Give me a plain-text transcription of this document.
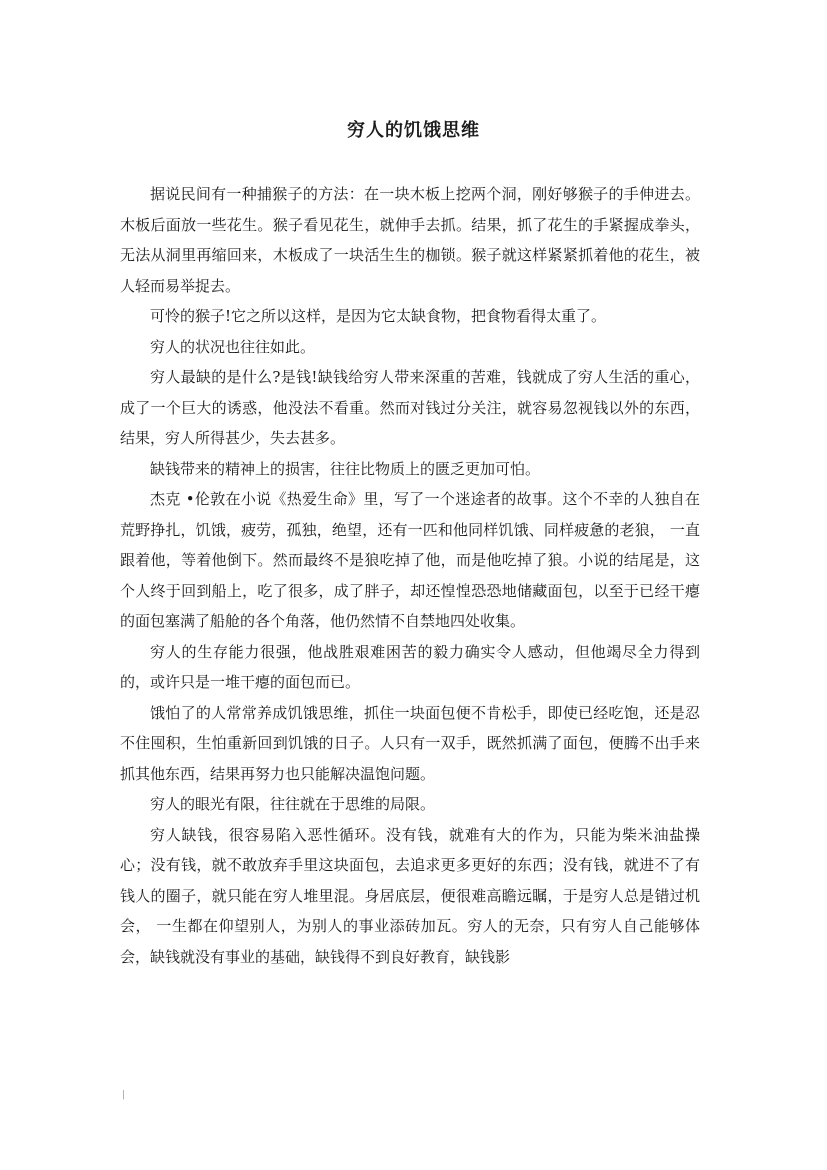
穷人的饥饿思维

据说民间有一种捕猴子的方法：在一块木板上挖两个洞，刚好够猴子的手伸进去。木板后面放一些花生。猴子看见花生，就伸手去抓。结果，抓了花生的手紧握成拳头，无法从洞里再缩回来，木板成了一块活生生的枷锁。猴子就这样紧紧抓着他的花生，被人轻而易举捉去。

可怜的猴子!它之所以这样，是因为它太缺食物，把食物看得太重了。

穷人的状况也往往如此。

穷人最缺的是什么?是钱!缺钱给穷人带来深重的苦难，钱就成了穷人生活的重心，成了一个巨大的诱惑，他没法不看重。然而对钱过分关注，就容易忽视钱以外的东西，结果，穷人所得甚少，失去甚多。

缺钱带来的精神上的损害，往往比物质上的匮乏更加可怕。

杰克 •伦敦在小说《热爱生命》里，写了一个迷途者的故事。这个不幸的人独自在荒野挣扎，饥饿，疲劳，孤独，绝望，还有一匹和他同样饥饿、同样疲惫的老狼， 一直跟着他，等着他倒下。然而最终不是狼吃掉了他，而是他吃掉了狼。小说的结尾是，这个人终于回到船上，吃了很多，成了胖子，却还惶惶恐恐地储藏面包，以至于已经干瘪的面包塞满了船舱的各个角落，他仍然情不自禁地四处收集。

穷人的生存能力很强，他战胜艰难困苦的毅力确实令人感动，但他竭尽全力得到的，或许只是一堆干瘪的面包而已。

饿怕了的人常常养成饥饿思维，抓住一块面包便不肯松手，即使已经吃饱，还是忍不住囤积，生怕重新回到饥饿的日子。人只有一双手，既然抓满了面包，便腾不出手来抓其他东西，结果再努力也只能解决温饱问题。

穷人的眼光有限，往往就在于思维的局限。

穷人缺钱，很容易陷入恶性循环。没有钱，就难有大的作为，只能为柴米油盐操心；没有钱，就不敢放弃手里这块面包，去追求更多更好的东西；没有钱，就进不了有钱人的圈子，就只能在穷人堆里混。身居底层，便很难高瞻远瞩，于是穷人总是错过机会， 一生都在仰望别人，为别人的事业添砖加瓦。穷人的无奈，只有穷人自己能够体会，缺钱就没有事业的基础，缺钱得不到良好教育，缺钱影

|
